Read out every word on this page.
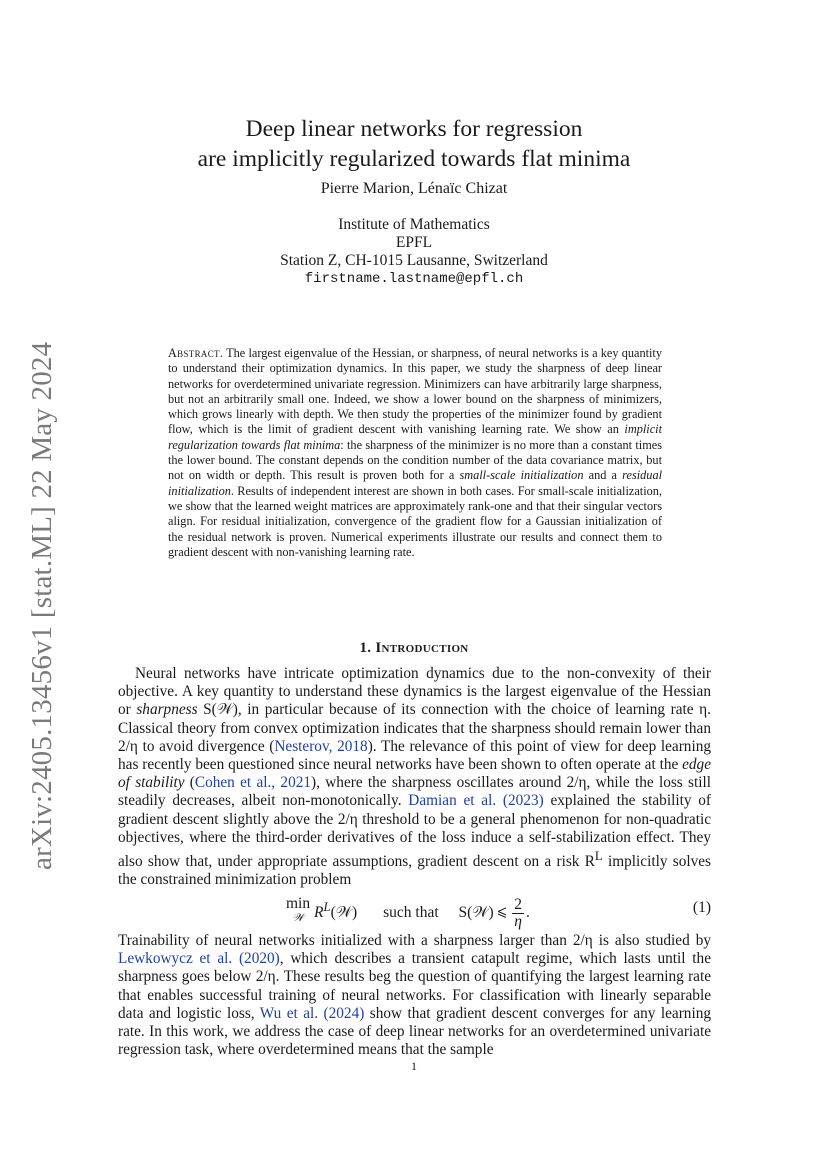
arXiv:2405.13456v1 [stat.ML] 22 May 2024
Deep linear networks for regression
are implicitly regularized towards flat minima
Pierre Marion, Lénaïc Chizat
Institute of Mathematics
EPFL
Station Z, CH-1015 Lausanne, Switzerland
firstname.lastname@epfl.ch
Abstract. The largest eigenvalue of the Hessian, or sharpness, of neural networks is a key quantity to understand their optimization dynamics. In this paper, we study the sharpness of deep linear networks for overdetermined univariate regression. Minimizers can have arbitrarily large sharpness, but not an arbitrarily small one. Indeed, we show a lower bound on the sharpness of minimizers, which grows linearly with depth. We then study the properties of the minimizer found by gradient flow, which is the limit of gradient descent with vanishing learning rate. We show an implicit regularization towards flat minima: the sharpness of the minimizer is no more than a constant times the lower bound. The constant depends on the condition number of the data covariance matrix, but not on width or depth. This result is proven both for a small-scale initialization and a residual initialization. Results of independent interest are shown in both cases. For small-scale initialization, we show that the learned weight matrices are approximately rank-one and that their singular vectors align. For residual initialization, convergence of the gradient flow for a Gaussian initialization of the residual network is proven. Numerical experiments illustrate our results and connect them to gradient descent with non-vanishing learning rate.
1. Introduction

Neural networks have intricate optimization dynamics due to the non-convexity of their objective. A key quantity to understand these dynamics is the largest eigenvalue of the Hessian or sharpness S(𝒲), in particular because of its connection with the choice of learning rate η. Classical theory from convex optimization indicates that the sharpness should remain lower than 2/η to avoid divergence (Nesterov, 2018). The relevance of this point of view for deep learning has recently been questioned since neural networks have been shown to often operate at the edge of stability (Cohen et al., 2021), where the sharpness oscillates around 2/η, while the loss still steadily decreases, albeit non-monotonically. Damian et al. (2023) explained the stability of gradient descent slightly above the 2/η threshold to be a general phenomenon for non-quadratic objectives, where the third-order derivatives of the loss induce a self-stabilization effect. They also show that, under appropriate assumptions, gradient descent on a risk $R^L$ implicitly solves the constrained minimization problem

min
𝒲 $R^L(𝒲)$ such that S(𝒲) ⩽ $\frac{2}{\eta}$ .	(1)

Trainability of neural networks initialized with a sharpness larger than 2/η is also studied by Lewkowycz et al. (2020), which describes a transient catapult regime, which lasts until the sharpness goes below 2/η. These results beg the question of quantifying the largest learning rate that enables successful training of neural networks. For classification with linearly separable data and logistic loss, Wu et al. (2024) show that gradient descent converges for any learning rate. In this work, we address the case of deep linear networks for an overdetermined univariate regression task, where overdetermined means that the sample

1
